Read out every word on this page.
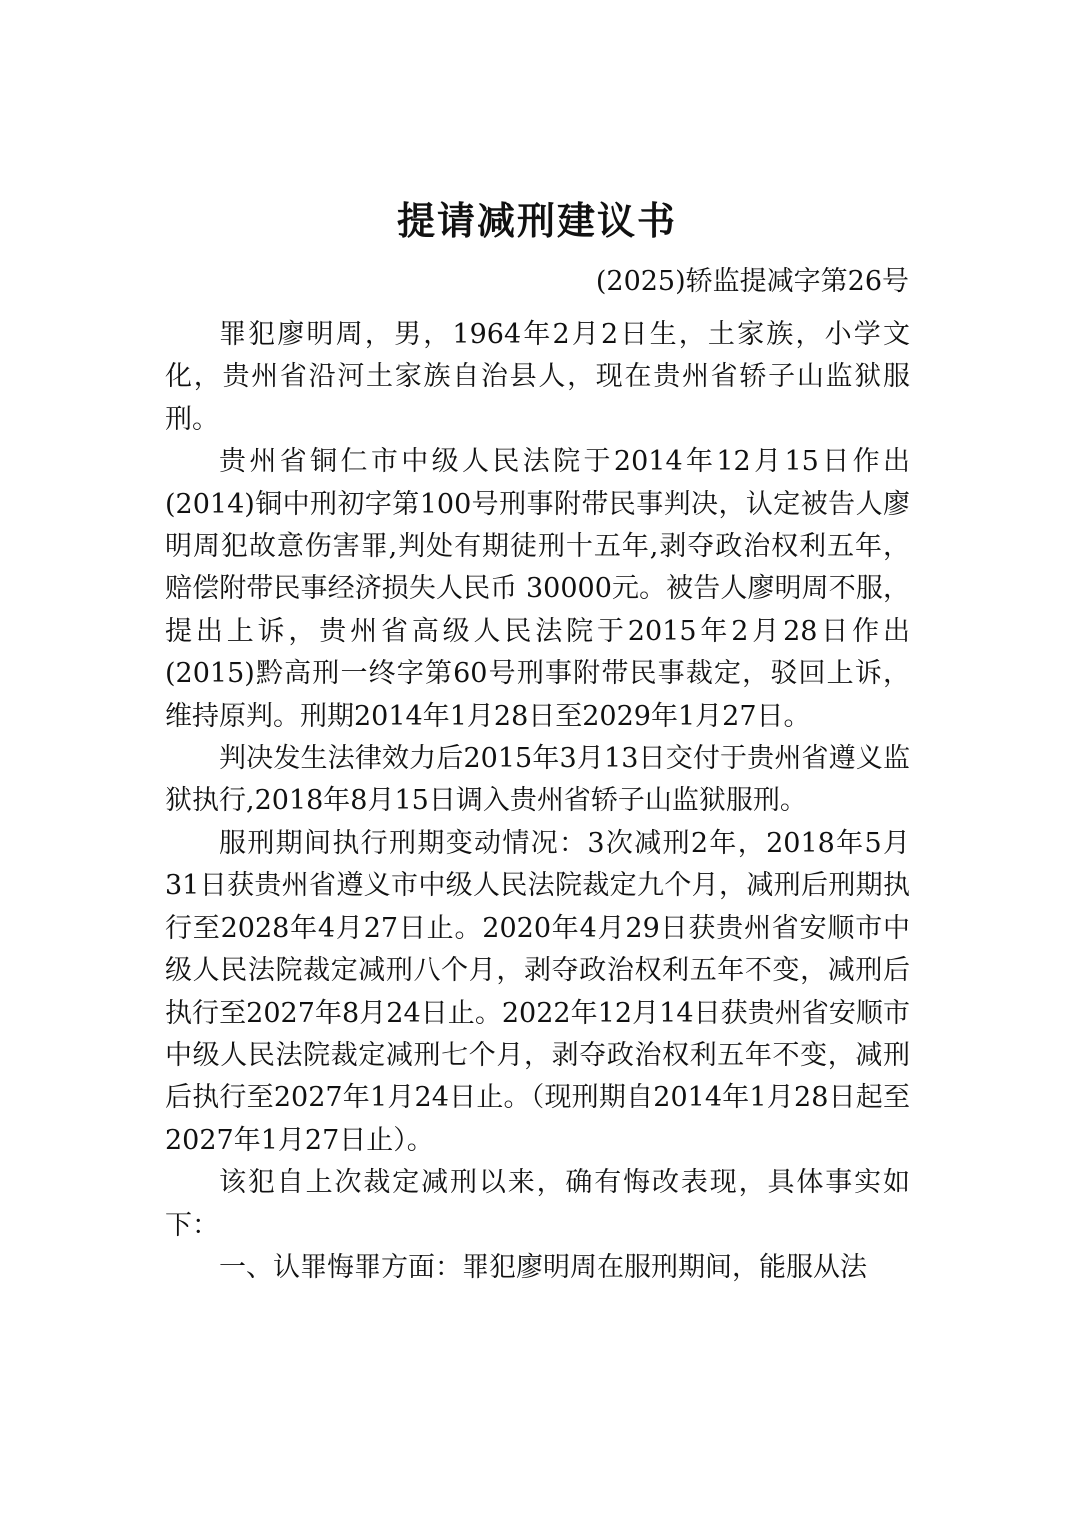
提请减刑建议书
(2025)轿监提减字第26号

罪犯廖明周，男，1964年2月2日生，土家族，小学文化，贵州省沿河土家族自治县人，现在贵州省轿子山监狱服刑。

贵州省铜仁市中级人民法院于2014年12月15日作出(2014)铜中刑初字第100号刑事附带民事判决，认定被告人廖明周犯故意伤害罪,判处有期徒刑十五年,剥夺政治权利五年，赔偿附带民事经济损失人民币 30000元。被告人廖明周不服，提出上诉，贵州省高级人民法院于2015年2月28日作出(2015)黔高刑一终字第60号刑事附带民事裁定，驳回上诉，维持原判。刑期2014年1月28日至2029年1月27日。

判决发生法律效力后2015年3月13日交付于贵州省遵义监狱执行,2018年8月15日调入贵州省轿子山监狱服刑。

服刑期间执行刑期变动情况：3次减刑2年，2018年5月31日获贵州省遵义市中级人民法院裁定九个月，减刑后刑期执行至2028年4月27日止。2020年4月29日获贵州省安顺市中级人民法院裁定减刑八个月，剥夺政治权利五年不变，减刑后执行至2027年8月24日止。2022年12月14日获贵州省安顺市中级人民法院裁定减刑七个月，剥夺政治权利五年不变，减刑后执行至2027年1月24日止。（现刑期自2014年1月28日起至2027年1月27日止）。

该犯自上次裁定减刑以来，确有悔改表现，具体事实如下：

一、认罪悔罪方面：罪犯廖明周在服刑期间，能服从法
